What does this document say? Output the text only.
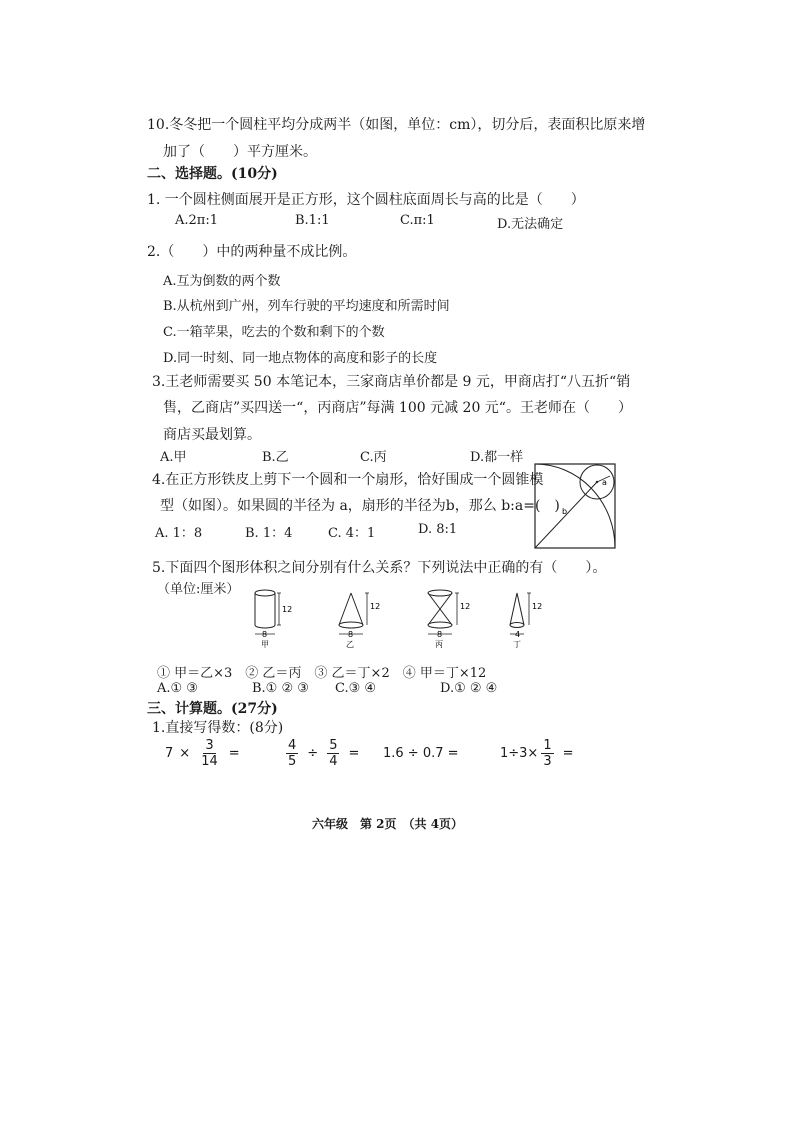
10.冬冬把一个圆柱平均分成两半（如图，单位：cm），切分后，表面积比原来增
加了（　　）平方厘米。
二、选择题。(10分)
1. 一个圆柱侧面展开是正方形，这个圆柱底面周长与高的比是（　　）
A.2π:1	B.1:1	C.π:1	D.无法确定
2.（　　）中的两种量不成比例。
A.互为倒数的两个数
B.从杭州到广州，列车行驶的平均速度和所需时间
C.一箱苹果，吃去的个数和剩下的个数
D.同一时刻、同一地点物体的高度和影子的长度
3.王老师需要买 50 本笔记本，三家商店单价都是 9 元，甲商店打“八五折“销
售，乙商店”买四送一“，丙商店”每满 100 元减 20 元“。王老师在（　　）
商店买最划算。
A.甲	B.乙	C.丙	D.都一样
4.在正方形铁皮上剪下一个圆和一个扇形，恰好围成一个圆锥模
型（如图）。如果圆的半径为 a，扇形的半径为b，那么 b:a=(　)
A. 1：8	B. 1：4	C. 4：1	D. 8:1
a
b
5.下面四个图形体积之间分别有什么关系？下列说法中正确的有（　　）。
（单位:厘米）
12
8
甲
12
8
乙
12
8
丙
12
4
丁
① 甲＝乙×3　② 乙＝丙　③ 乙＝丁×2　④ 甲＝丁×12
A.① ③	B.① ② ③ C.③ ④	D.① ② ④
三、计算题。(27分)
1.直接写得数：(8分)
$7 \times \frac{3}{14}$ =	$\frac{4}{5} \div \frac{5}{4} = 1.6 \div 0.7$ =	$1\div 3\times \frac{1}{3}$ =
六年级　第 2页　（共 4页）
